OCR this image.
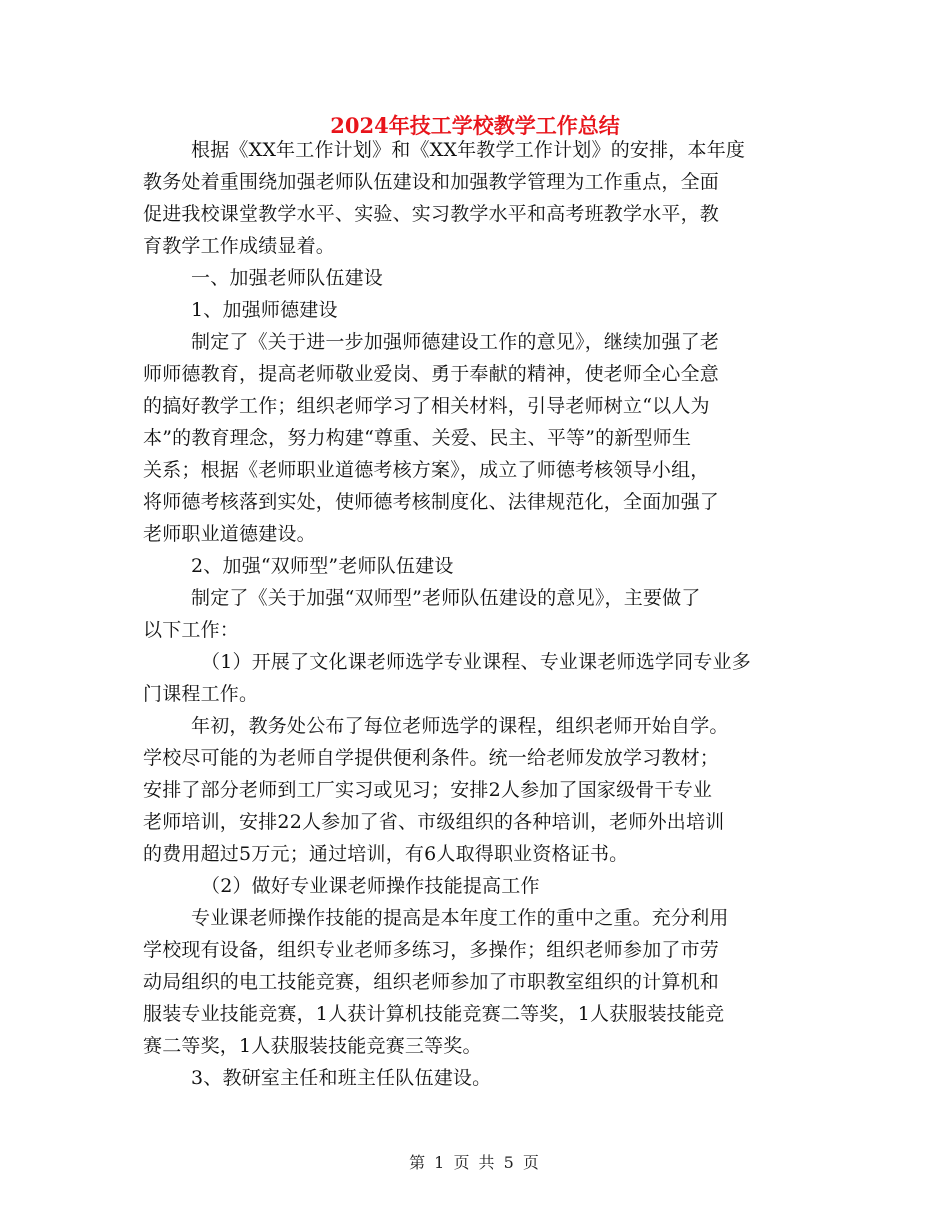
2024年技工学校教学工作总结
根据《XX年工作计划》和《XX年教学工作计划》的安排，本年度
教务处着重围绕加强老师队伍建设和加强教学管理为工作重点，全面
促进我校课堂教学水平、实验、实习教学水平和高考班教学水平，教
育教学工作成绩显着。
一、加强老师队伍建设
1、加强师德建设
制定了《关于进一步加强师德建设工作的意见》，继续加强了老
师师德教育，提高老师敬业爱岗、勇于奉献的精神，使老师全心全意
的搞好教学工作；组织老师学习了相关材料，引导老师树立“以人为
本”的教育理念，努力构建“尊重、关爱、民主、平等”的新型师生
关系；根据《老师职业道德考核方案》，成立了师德考核领导小组，
将师德考核落到实处，使师德考核制度化、法律规范化，全面加强了
老师职业道德建设。
2、加强“双师型”老师队伍建设
制定了《关于加强“双师型”老师队伍建设的意见》，主要做了
以下工作：
（1）开展了文化课老师选学专业课程、专业课老师选学同专业多
门课程工作。
年初，教务处公布了每位老师选学的课程，组织老师开始自学。
学校尽可能的为老师自学提供便利条件。统一给老师发放学习教材；
安排了部分老师到工厂实习或见习；安排2人参加了国家级骨干专业
老师培训，安排22人参加了省、市级组织的各种培训，老师外出培训
的费用超过5万元；通过培训，有6人取得职业资格证书。
（2）做好专业课老师操作技能提高工作
专业课老师操作技能的提高是本年度工作的重中之重。充分利用
学校现有设备，组织专业老师多练习，多操作；组织老师参加了市劳
动局组织的电工技能竞赛，组织老师参加了市职教室组织的计算机和
服装专业技能竞赛，1人获计算机技能竞赛二等奖，1人获服装技能竞
赛二等奖，1人获服装技能竞赛三等奖。
3、教研室主任和班主任队伍建设。
第 1 页 共 5 页
